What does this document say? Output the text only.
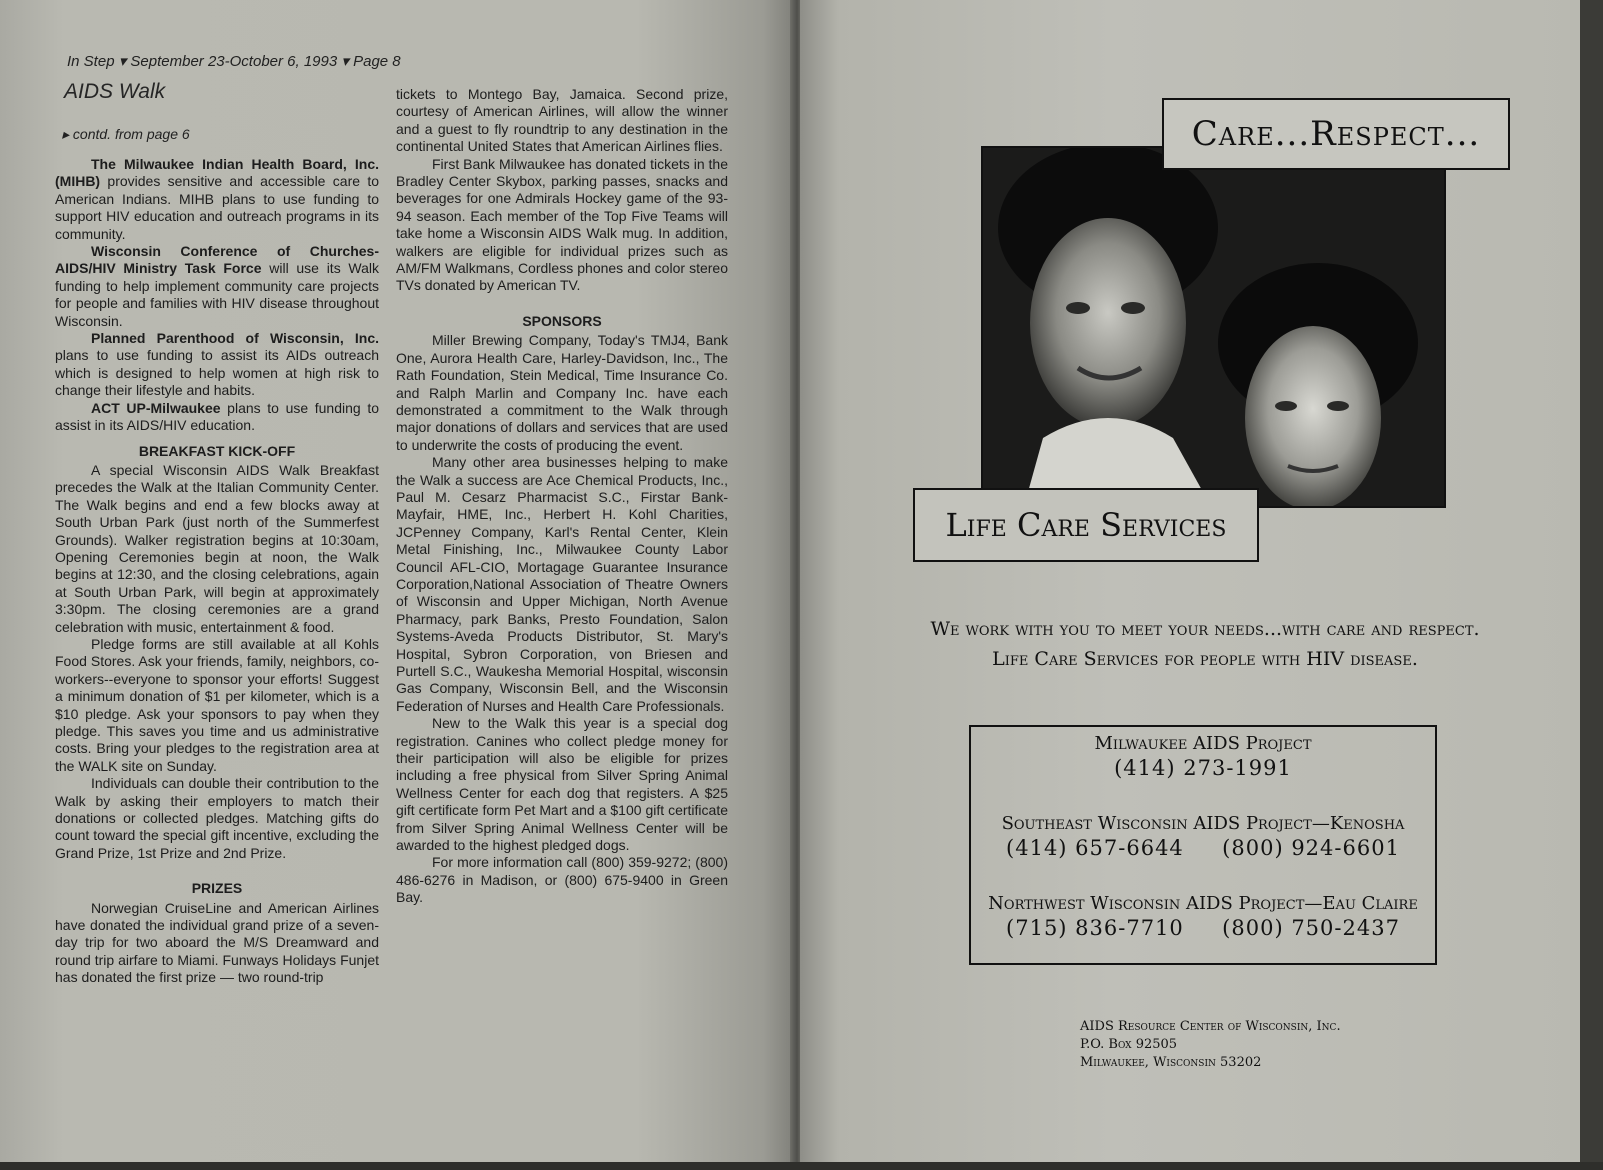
In Step ▾ September 23-October 6, 1993 ▾ Page 8
AIDS Walk
▸ contd. from page 6

The Milwaukee Indian Health Board, Inc. (MIHB) provides sensitive and accessible care to American Indians. MIHB plans to use funding to support HIV education and outreach programs in its community.

Wisconsin Conference of Churches-AIDS/HIV Ministry Task Force will use its Walk funding to help implement community care projects for people and families with HIV disease throughout Wisconsin.

Planned Parenthood of Wisconsin, Inc. plans to use funding to assist its AIDs outreach which is designed to help women at high risk to change their lifestyle and habits.

ACT UP-Milwaukee plans to use funding to assist in its AIDS/HIV education.

BREAKFAST KICK-OFF

A special Wisconsin AIDS Walk Breakfast precedes the Walk at the Italian Community Center. The Walk begins and end a few blocks away at South Urban Park (just north of the Summerfest Grounds). Walker registration begins at 10:30am, Opening Ceremonies begin at noon, the Walk begins at 12:30, and the closing celebrations, again at South Urban Park, will begin at approximately 3:30pm. The closing ceremonies are a grand celebration with music, entertainment & food.

Pledge forms are still available at all Kohls Food Stores. Ask your friends, family, neighbors, co-workers--everyone to sponsor your efforts! Suggest a minimum donation of $1 per kilometer, which is a $10 pledge. Ask your sponsors to pay when they pledge. This saves you time and us administrative costs. Bring your pledges to the registration area at the WALK site on Sunday.

Individuals can double their contribution to the Walk by asking their employers to match their donations or collected pledges. Matching gifts do count toward the special gift incentive, excluding the Grand Prize, 1st Prize and 2nd Prize.

PRIZES

Norwegian CruiseLine and American Airlines have donated the individual grand prize of a seven-day trip for two aboard the M/S Dreamward and round trip airfare to Miami. Funways Holidays Funjet has donated the first prize — two round-trip

tickets to Montego Bay, Jamaica. Second prize, courtesy of American Airlines, will allow the winner and a guest to fly roundtrip to any destination in the continental United States that American Airlines flies.

First Bank Milwaukee has donated tickets in the Bradley Center Skybox, parking passes, snacks and beverages for one Admirals Hockey game of the 93-94 season. Each member of the Top Five Teams will take home a Wisconsin AIDS Walk mug. In addition, walkers are eligible for individual prizes such as AM/FM Walkmans, Cordless phones and color stereo TVs donated by American TV.

SPONSORS

Miller Brewing Company, Today's TMJ4, Bank One, Aurora Health Care, Harley-Davidson, Inc., The Rath Foundation, Stein Medical, Time Insurance Co. and Ralph Marlin and Company Inc. have each demonstrated a commitment to the Walk through major donations of dollars and services that are used to underwrite the costs of producing the event.

Many other area businesses helping to make the Walk a success are Ace Chemical Products, Inc., Paul M. Cesarz Pharmacist S.C., Firstar Bank-Mayfair, HME, Inc., Herbert H. Kohl Charities, JCPenney Company, Karl's Rental Center, Klein Metal Finishing, Inc., Milwaukee County Labor Council AFL-CIO, Mortagage Guarantee Insurance Corporation,National Association of Theatre Owners of Wisconsin and Upper Michigan, North Avenue Pharmacy, park Banks, Presto Foundation, Salon Systems-Aveda Products Distributor, St. Mary's Hospital, Sybron Corporation, von Briesen and Purtell S.C., Waukesha Memorial Hospital, wisconsin Gas Company, Wisconsin Bell, and the Wisconsin Federation of Nurses and Health Care Professionals.

New to the Walk this year is a special dog registration. Canines who collect pledge money for their participation will also be eligible for prizes including a free physical from Silver Spring Animal Wellness Center for each dog that registers. A $25 gift certificate form Pet Mart and a $100 gift certificate from Silver Spring Animal Wellness Center will be awarded to the highest pledged dogs.

For more information call (800) 359-9272; (800) 486-6276 in Madison, or (800) 675-9400 in Green Bay.

Care...Respect...
Life Care Services
We work with you to meet your needs...with care and respect.
Life Care Services for people with HIV disease.
Milwaukee AIDS Project
(414) 273-1991
Southeast Wisconsin AIDS Project—Kenosha
(414) 657-6644     (800) 924-6601
Northwest Wisconsin AIDS Project—Eau Claire
(715) 836-7710     (800) 750-2437
AIDS Resource Center of Wisconsin, Inc.
P.O. Box 92505
Milwaukee, Wisconsin 53202
